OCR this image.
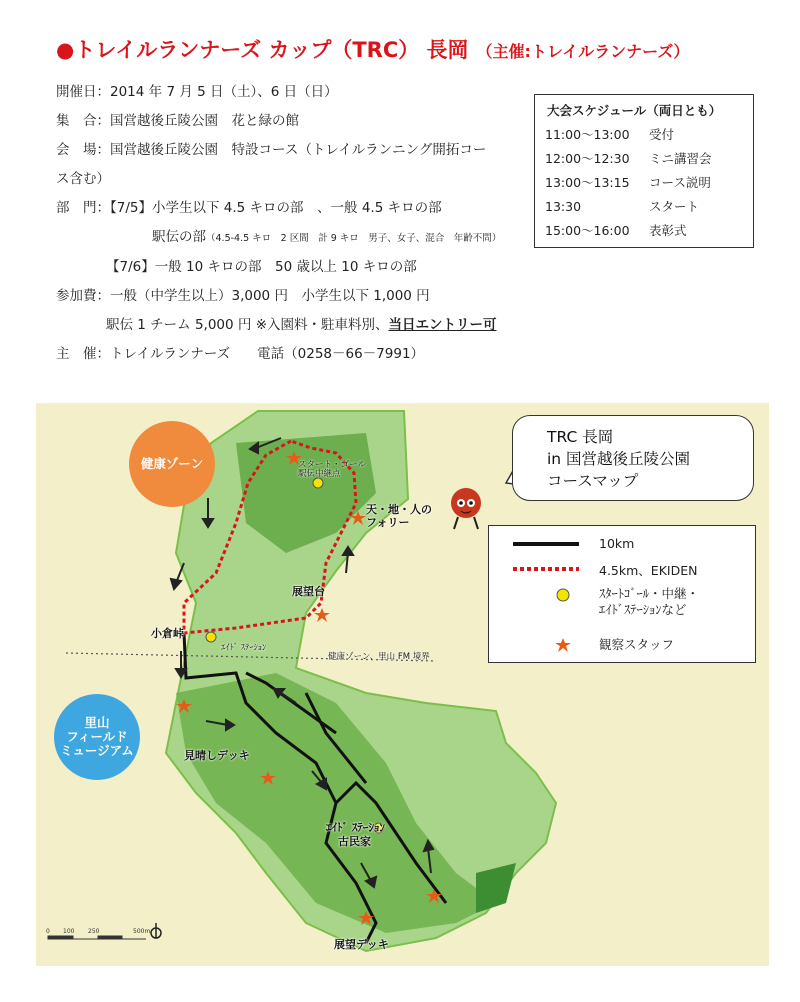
●トレイルランナーズ カップ（TRC） 長岡 （主催:トレイルランナーズ）
開催日：2014 年 7 月 5 日（土）、6 日（日）
集　合：国営越後丘陵公園　花と緑の館
会　場：国営越後丘陵公園　特設コース（トレイルランニング開拓コー
ス含む）
部　門：【7/5】小学生以下 4.5 キロの部　、一般 4.5 キロの部
駅伝の部（4.5-4.5 キロ　2 区間　計 9 キロ　男子、女子、混合　年齢不問）
【7/6】一般 10 キロの部　50 歳以上 10 キロの部
参加費：一般（中学生以上）3,000 円　小学生以下 1,000 円
駅伝 1 チーム 5,000 円 ※入園料・駐車料別、当日エントリー可
主　催：トレイルランナーズ　　電話（0258－66－7991）
大会スケジュール（両日とも）
11:00～13:00	受付
12:00～12:30	ミニ講習会
13:00～13:15	コース説明
13:30	スタート
15:00～16:00	表彰式
0 100 250	500m
健康ゾーン
里山
フィールド
ミュージアム
スタート・ゴール
駅伝中継点
天・地・人の
フォリー
展望台
小倉峠
ｴｲﾄﾞ ｽﾃｰｼｮﾝ
健康ゾーン、里山 FM 境界
見晴しデッキ
ｴｲﾄﾞ ｽﾃｰｼｮﾝ
古民家
展望デッキ
TRC 長岡
in 国営越後丘陵公園
コースマップ
10km
4.5km、EKIDEN
ｽﾀｰﾄｺﾞｰﾙ・中継・
ｴｲﾄﾞｽﾃｰｼｮﾝなど
観察スタッフ
